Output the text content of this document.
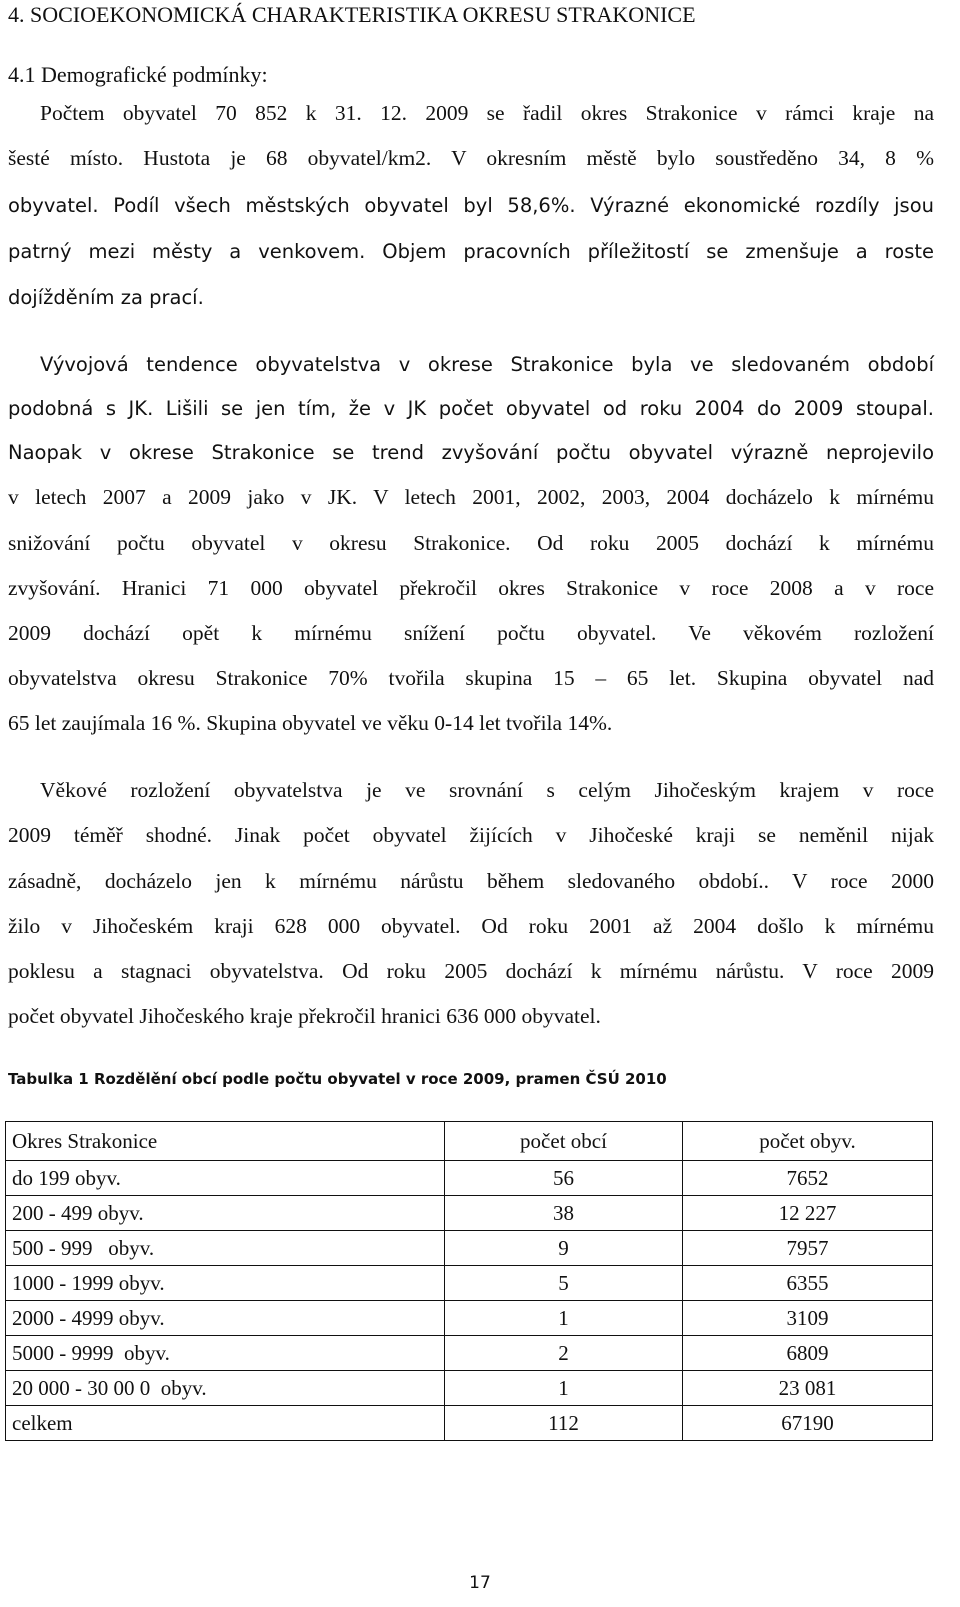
4. SOCIOEKONOMICKÁ CHARAKTERISTIKA OKRESU STRAKONICE
4.1 Demografické podmínky:
Počtem obyvatel 70 852 k 31. 12. 2009 se řadil okres Strakonice v rámci kraje na
šesté místo. Hustota je 68 obyvatel/km2. V okresním městě bylo soustředěno 34, 8 %
obyvatel. Podíl všech městských obyvatel byl 58,6%. Výrazné ekonomické rozdíly jsou
patrný mezi městy a venkovem. Objem pracovních příležitostí se zmenšuje a roste
dojížděním za prací.
Vývojová tendence obyvatelstva v okrese Strakonice byla ve sledovaném období
podobná s JK. Lišili se jen tím, že v JK počet obyvatel od roku 2004 do 2009 stoupal.
Naopak v okrese Strakonice se trend zvyšování počtu obyvatel výrazně neprojevilo
v letech 2007 a 2009 jako v JK. V letech 2001, 2002, 2003, 2004 docházelo k mírnému
snižování počtu obyvatel v okresu Strakonice. Od roku 2005 dochází k mírnému
zvyšování. Hranici 71 000 obyvatel překročil okres Strakonice v roce 2008 a v roce
2009 dochází opět k mírnému snížení počtu obyvatel. Ve věkovém rozložení
obyvatelstva okresu Strakonice 70% tvořila skupina 15 – 65 let. Skupina obyvatel nad
65 let zaujímala 16 %. Skupina obyvatel ve věku 0-14 let tvořila 14%.
Věkové rozložení obyvatelstva je ve srovnání s celým Jihočeským krajem v roce
2009 téměř shodné. Jinak počet obyvatel žijících v Jihočeské kraji se neměnil nijak
zásadně, docházelo jen k mírnému nárůstu během sledovaného období.. V roce 2000
žilo v Jihočeském kraji 628 000 obyvatel. Od roku 2001 až 2004 došlo k mírnému
poklesu a stagnaci obyvatelstva. Od roku 2005 dochází k mírnému nárůstu. V roce 2009
počet obyvatel Jihočeského kraje překročil hranici 636 000 obyvatel.
Tabulka 1 Rozdělění obcí podle počtu obyvatel v roce 2009, pramen ČSÚ 2010
Okres Strakonice	počet obcí	počet obyv.
do 199 obyv.	56	7652
200 - 499 obyv.	38	12 227
500 - 999   obyv.	9	7957
1000 - 1999 obyv.	5	6355
2000 - 4999 obyv.	1	3109
5000 - 9999  obyv.	2	6809
20 000 - 30 00 0  obyv.	1	23 081
celkem	112	67190
17
